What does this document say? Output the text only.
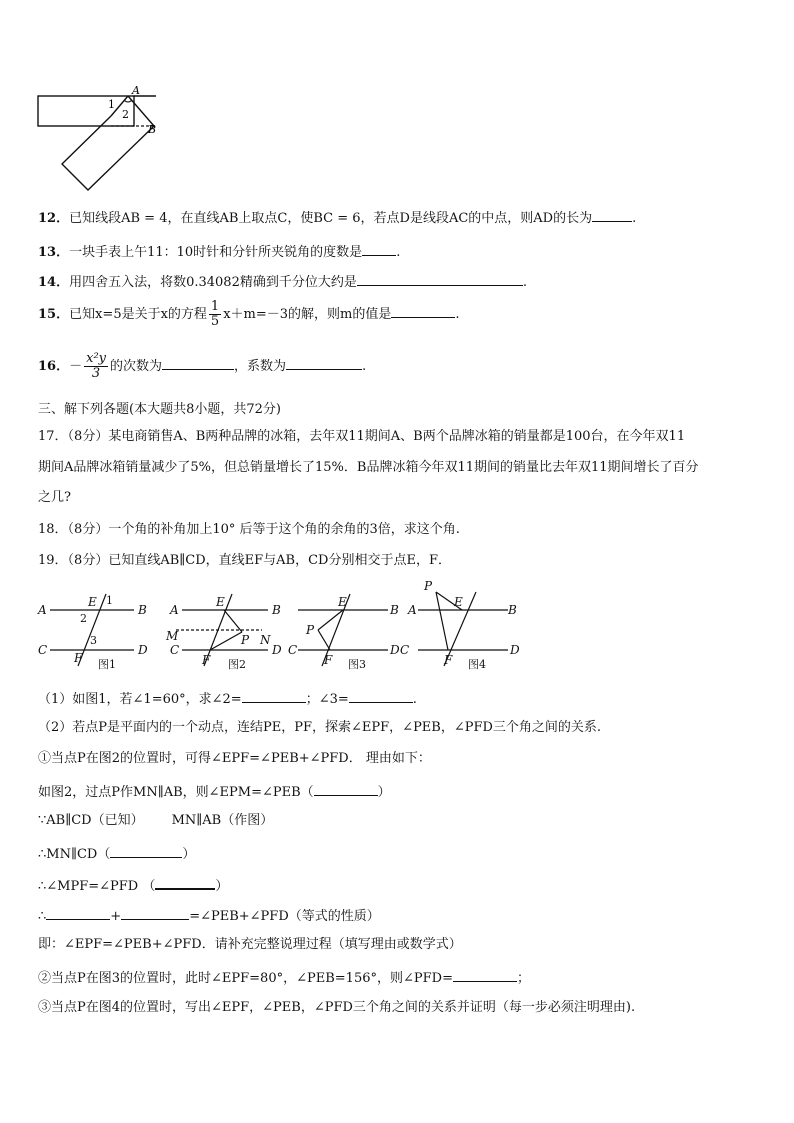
A
B
1
2
12．已知线段AB = 4，在直线AB上取点C，使BC = 6，若点D是线段AC的中点，则AD的长为	.
13．一块手表上午11：10时针和分针所夹锐角的度数是	.
14．用四舍五入法，将数0.34082精确到千分位大约是	.
15．已知x=5是关于x的方程 $\frac{1}{5} x+m=-3$的解，则m的值是	.
16．－ $\frac{\text{x²y}}{3}$ 的次数为	，系数为	.
三、解下列各题(本大题共8小题，共72分)
17．（8分）某电商销售A、B两种品牌的冰箱，去年双11期间A、B两个品牌冰箱的销量都是100台，在今年双11
期间A品牌冰箱销量减少了5%，但总销量增长了15%．B品牌冰箱今年双11期间的销量比去年双11期间增长了百分
之几?
18．（8分）一个角的补角加上10° 后等于这个角的余角的3倍，求这个角.
19．（8分）已知直线AB∥CD，直线EF与AB，CD分别相交于点E，F．
A	B
C	D
E
F
A	B
C	D
E
F
P
M	N
C
B
D
E
F
P
A	B
C	D
E
F
P
1
2
3
图1	图2	图3	图4
（1）如图1，若∠1=60°，求∠2=	；∠3=	.
（2）若点P是平面内的一个动点，连结PE，PF，探索∠EPF，∠PEB，∠PFD三个角之间的关系.
①当点P在图2的位置时，可得∠EPF=∠PEB+∠PFD． 理由如下：
如图2，过点P作MN∥AB，则∠EPM=∠PEB（	）
∵AB∥CD（已知） MN∥AB（作图）
∴MN∥CD（	）
∴∠MPF=∠PFD （	）
∴	+	=∠PEB+∠PFD（等式的性质）
即：∠EPF=∠PEB+∠PFD．请补充完整说理过程（填写理由或数学式）
②当点P在图3的位置时，此时∠EPF=80°，∠PEB=156°，则∠PFD=	；
③当点P在图4的位置时，写出∠EPF，∠PEB，∠PFD三个角之间的关系并证明（每一步必须注明理由).
